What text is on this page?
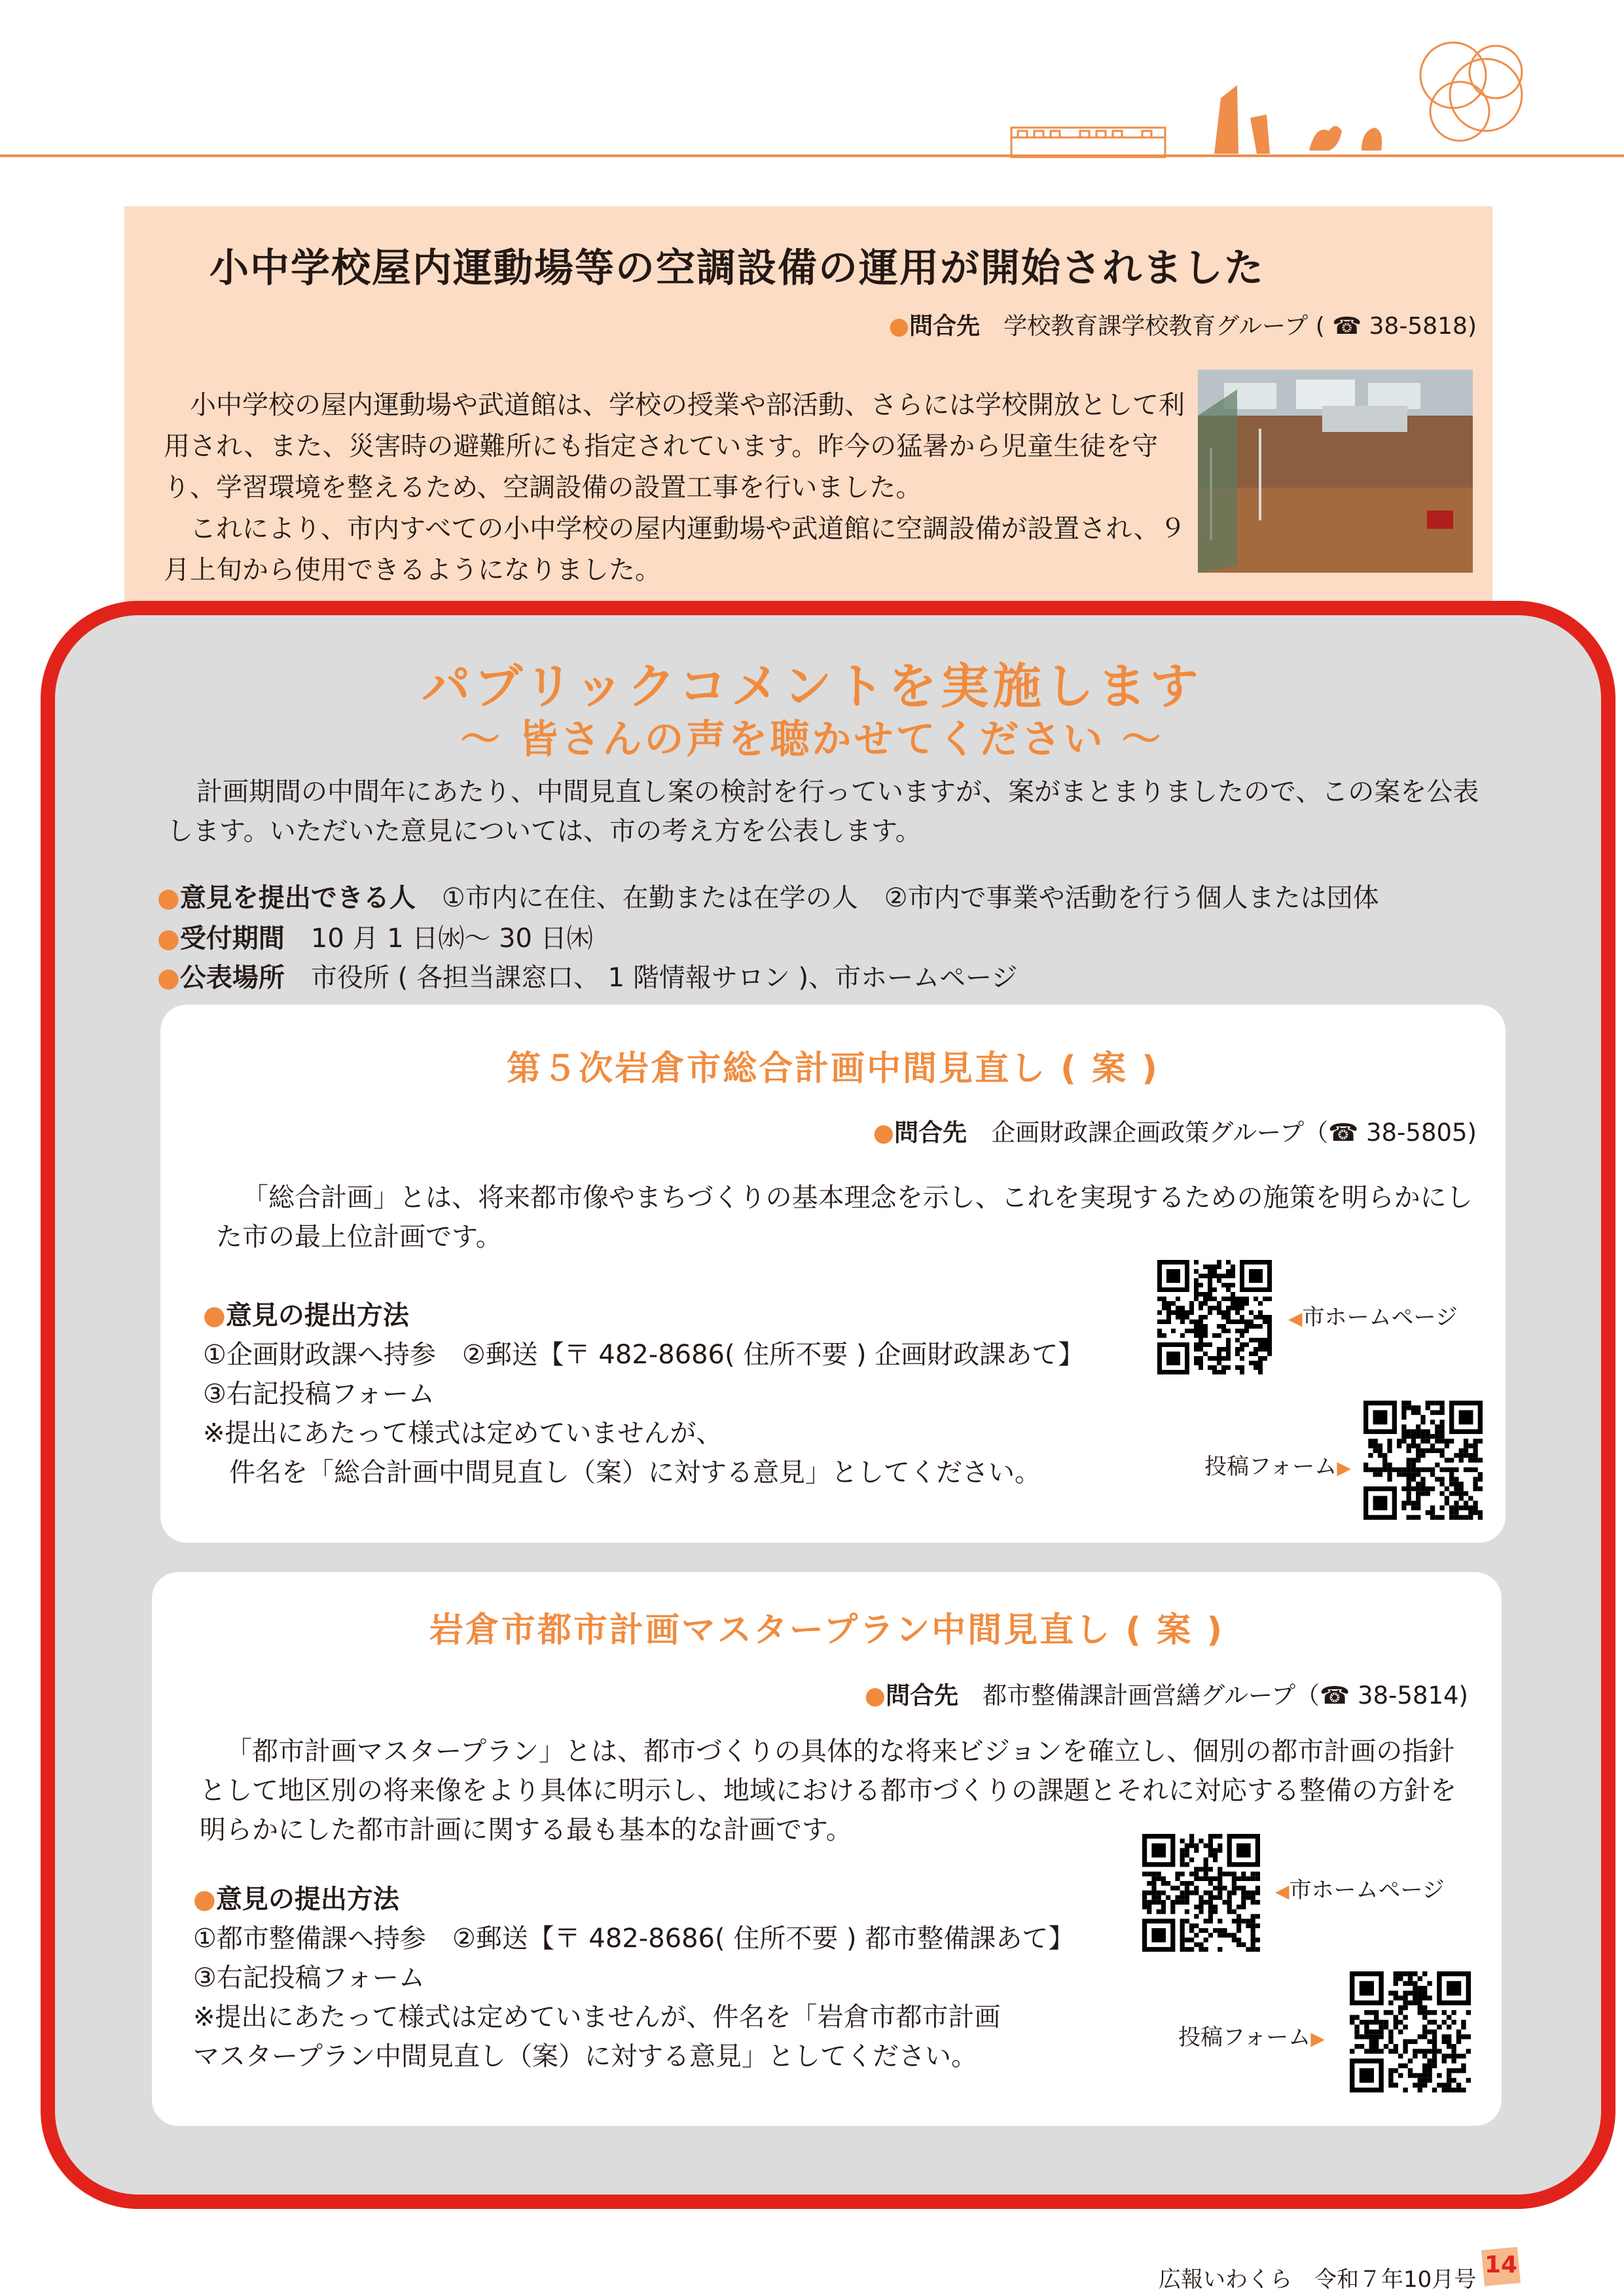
小中学校屋内運動場等の空調設備の運用が開始されました
●問合先　学校教育課学校教育グループ ( ☎ 38-5818)

小中学校の屋内運動場や武道館は、学校の授業や部活動、さらには学校開放として利用され、また、災害時の避難所にも指定されています。昨今の猛暑から児童生徒を守り、学習環境を整えるため、空調設備の設置工事を行いました。

これにより、市内すべての小中学校の屋内運動場や武道館に空調設備が設置され、９月上旬から使用できるようになりました。

パブリックコメントを実施します
～ 皆さんの声を聴かせてください ～
計画期間の中間年にあたり、中間見直し案の検討を行っていますが、案がまとまりましたので、この案を公表します。いただいた意見については、市の考え方を公表します。
●意見を提出できる人　①市内に在住、在勤または在学の人　②市内で事業や活動を行う個人または団体
●受付期間　10 月 1 日㈬～ 30 日㈭
●公表場所　市役所 ( 各担当課窓口、 1 階情報サロン )、市ホームページ
第５次岩倉市総合計画中間見直し ( 案 )
●問合先　企画財政課企画政策グループ（☎ 38-5805)

「総合計画」とは、将来都市像やまちづくりの基本理念を示し、これを実現するための施策を明らかにした市の最上位計画です。

●意見の提出方法
①企画財政課へ持参　②郵送【〒 482-8686( 住所不要 ) 企画財政課あて】
③右記投稿フォーム
※提出にあたって様式は定めていませんが、
　件名を「総合計画中間見直し（案）に対する意見」としてください。
◀市ホームページ
投稿フォーム▶
岩倉市都市計画マスタープラン中間見直し ( 案 )
●問合先　都市整備課計画営繕グループ（☎ 38-5814)

「都市計画マスタープラン」とは、都市づくりの具体的な将来ビジョンを確立し、個別の都市計画の指針として地区別の将来像をより具体に明示し、地域における都市づくりの課題とそれに対応する整備の方針を明らかにした都市計画に関する最も基本的な計画です。

●意見の提出方法
①都市整備課へ持参　②郵送【〒 482-8686( 住所不要 ) 都市整備課あて】
③右記投稿フォーム
※提出にあたって様式は定めていませんが、件名を「岩倉市都市計画
マスタープラン中間見直し（案）に対する意見」としてください。
◀市ホームページ
投稿フォーム▶
広報いわくら　令和７年10月号
14
